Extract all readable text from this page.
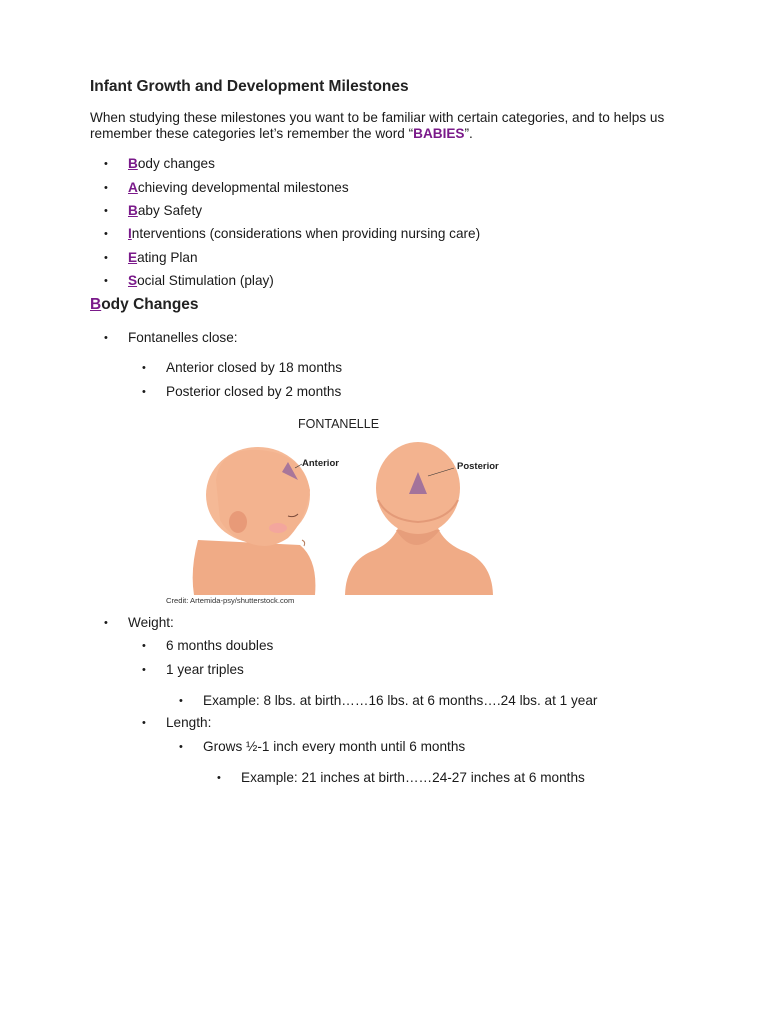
Infant Growth and Development Milestones
When studying these milestones you want to be familiar with certain categories, and to helps us remember these categories let’s remember the word “BABIES”.
• Body changes
• Achieving developmental milestones
• Baby Safety
• Interventions (considerations when providing nursing care)
• Eating Plan
• Social Stimulation (play)
Body Changes
• Fontanelles close:
• Anterior closed by 18 months
• Posterior closed by 2 months
FONTANELLE
Anterior	Posterior
Credit: Artemida-psy/shutterstock.com
• Weight:
• 6 months doubles
• 1 year triples
• Example: 8 lbs. at birth……16 lbs. at 6 months….24 lbs. at 1 year
• Length:
• Grows ½-1 inch every month until 6 months
• Example: 21 inches at birth……24-27 inches at 6 months
